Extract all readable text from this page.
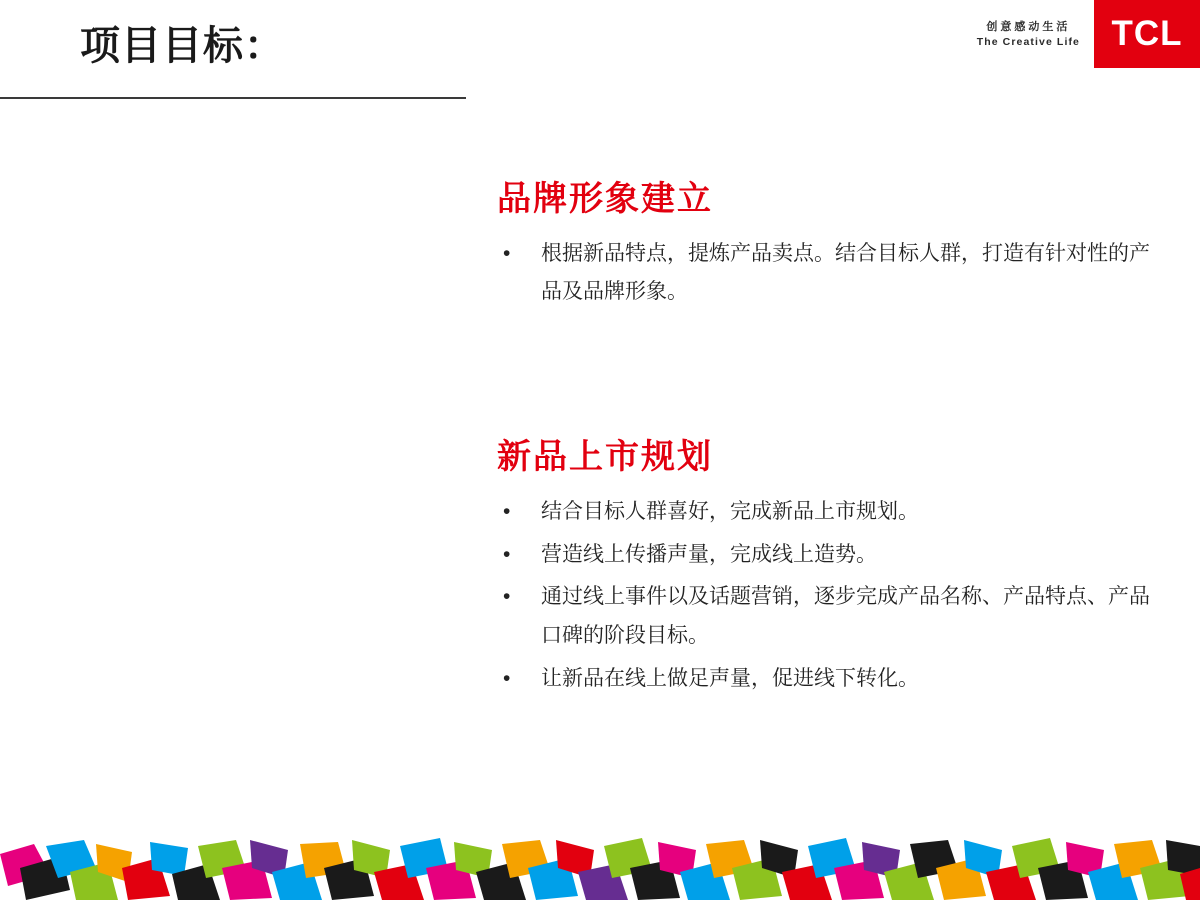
项目目标：	创意感动生活
The Creative Life TCL
品牌形象建立
• 根据新品特点，提炼产品卖点。结合目标人群，打造有针对性的产品及品牌形象。
新品上市规划
• 结合目标人群喜好，完成新品上市规划。
• 营造线上传播声量，完成线上造势。
• 通过线上事件以及话题营销，逐步完成产品名称、产品特点、产品口碑的阶段目标。
• 让新品在线上做足声量，促进线下转化。
